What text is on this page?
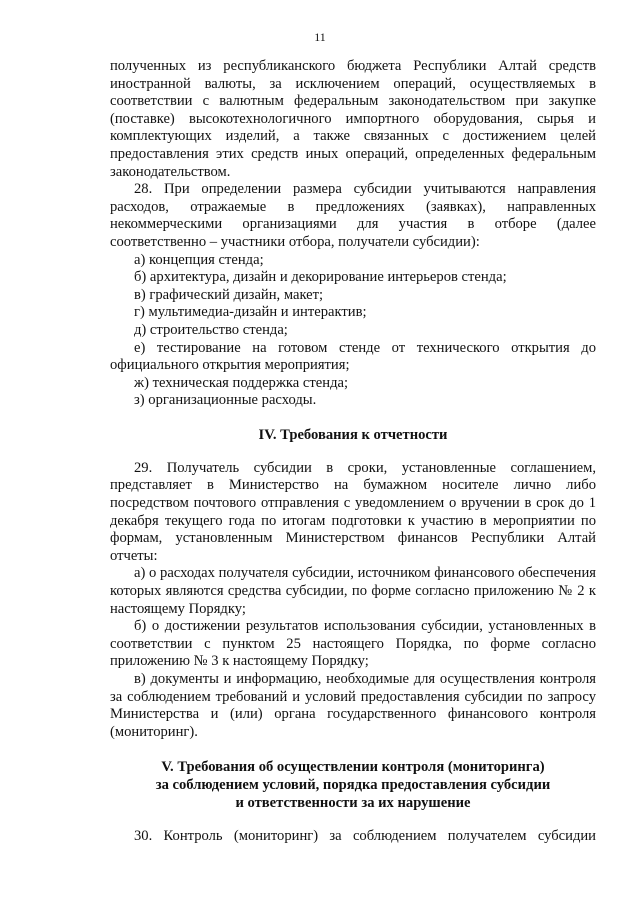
11

полученных из республиканского бюджета Республики Алтай средств иностранной валюты, за исключением операций, осуществляемых в соответствии с валютным федеральным законодательством при закупке (поставке) высокотехнологичного импортного оборудования, сырья и комплектующих изделий, а также связанных с достижением целей предоставления этих средств иных операций, определенных федеральным законодательством.

28. При определении размера субсидии учитываются направления расходов, отражаемые в предложениях (заявках), направленных некоммерческими организациями для участия в отборе (далее соответственно – участники отбора, получатели субсидии):

а) концепция стенда;

б) архитектура, дизайн и декорирование интерьеров стенда;

в) графический дизайн, макет;

г) мультимедиа-дизайн и интерактив;

д) строительство стенда;

е) тестирование на готовом стенде от технического открытия до официального открытия мероприятия;

ж) техническая поддержка стенда;

з) организационные расходы.

IV. Требования к отчетности

29. Получатель субсидии в сроки, установленные соглашением, представляет в Министерство на бумажном носителе лично либо посредством почтового отправления с уведомлением о вручении в срок до 1 декабря текущего года по итогам подготовки к участию в мероприятии по формам, установленным Министерством финансов Республики Алтай отчеты:

а) о расходах получателя субсидии, источником финансового обеспечения которых являются средства субсидии, по форме согласно приложению № 2 к настоящему Порядку;

б) о достижении результатов использования субсидии, установленных в соответствии с пунктом 25 настоящего Порядка, по форме согласно приложению № 3 к настоящему Порядку;

в) документы и информацию, необходимые для осуществления контроля за соблюдением требований и условий предоставления субсидии по запросу Министерства и (или) органа государственного финансового контроля (мониторинг).

V. Требования об осуществлении контроля (мониторинга)
за соблюдением условий, порядка предоставления субсидии
и ответственности за их нарушение

30. Контроль (мониторинг) за соблюдением получателем субсидии
